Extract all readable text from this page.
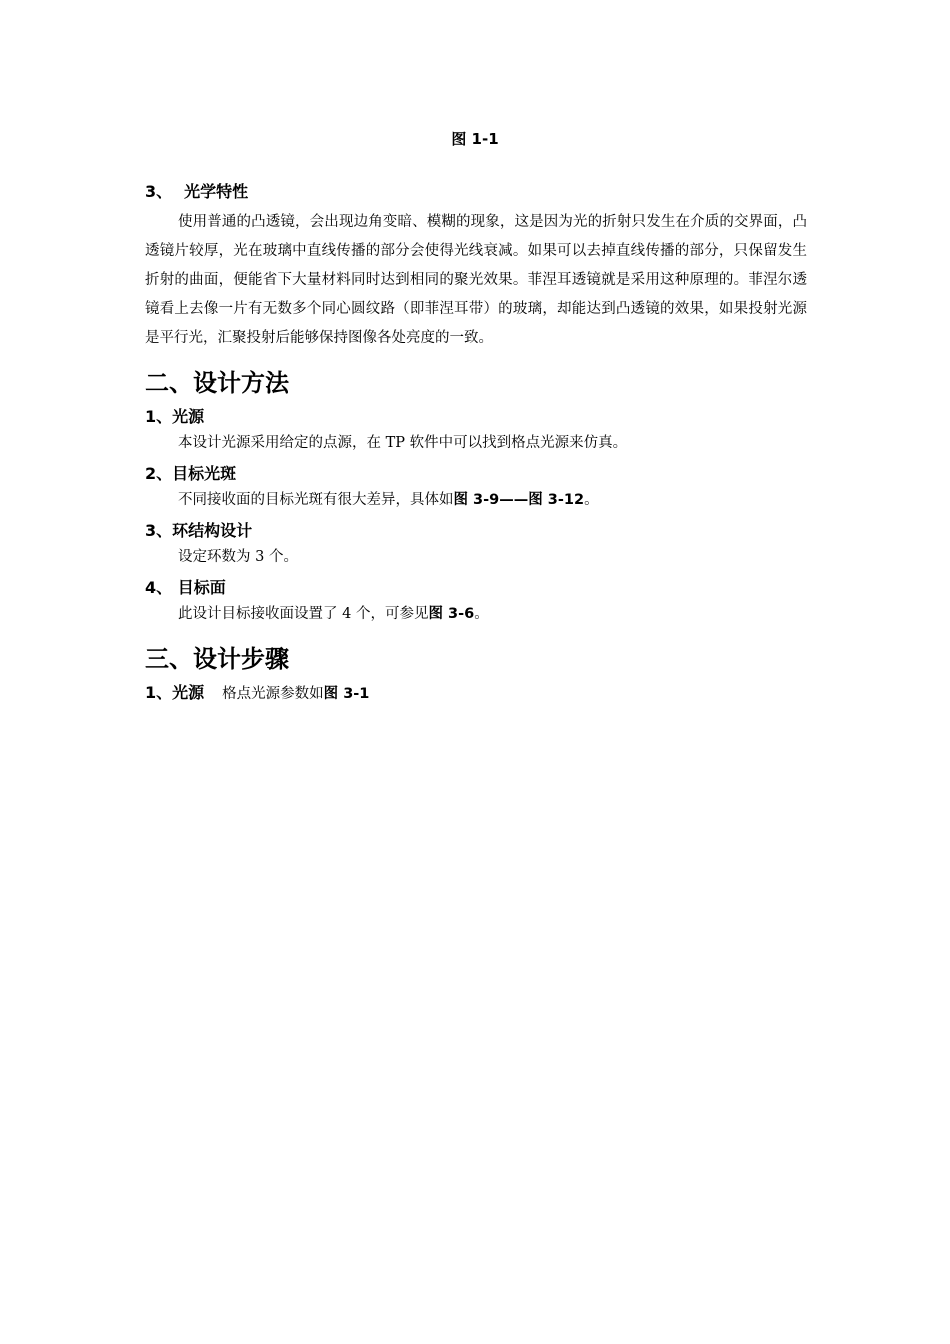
图 1-1
3、 光学特性

使用普通的凸透镜，会出现边角变暗、模糊的现象，这是因为光的折射只发生在介质的交界面，凸透镜片较厚，光在玻璃中直线传播的部分会使得光线衰减。如果可以去掉直线传播的部分，只保留发生折射的曲面，便能省下大量材料同时达到相同的聚光效果。菲涅耳透镜就是采用这种原理的。菲涅尔透镜看上去像一片有无数多个同心圆纹路（即菲涅耳带）的玻璃，却能达到凸透镜的效果，如果投射光源是平行光，汇聚投射后能够保持图像各处亮度的一致。

二、设计方法
1、光源

本设计光源采用给定的点源，在 TP 软件中可以找到格点光源来仿真。

2、目标光斑

不同接收面的目标光斑有很大差异，具体如图 3-9——图 3-12。

3、环结构设计

设定环数为 3 个。

4、 目标面

此设计目标接收面设置了 4 个，可参见图 3-6。

三、设计步骤
1、光源 格点光源参数如图 3-1
